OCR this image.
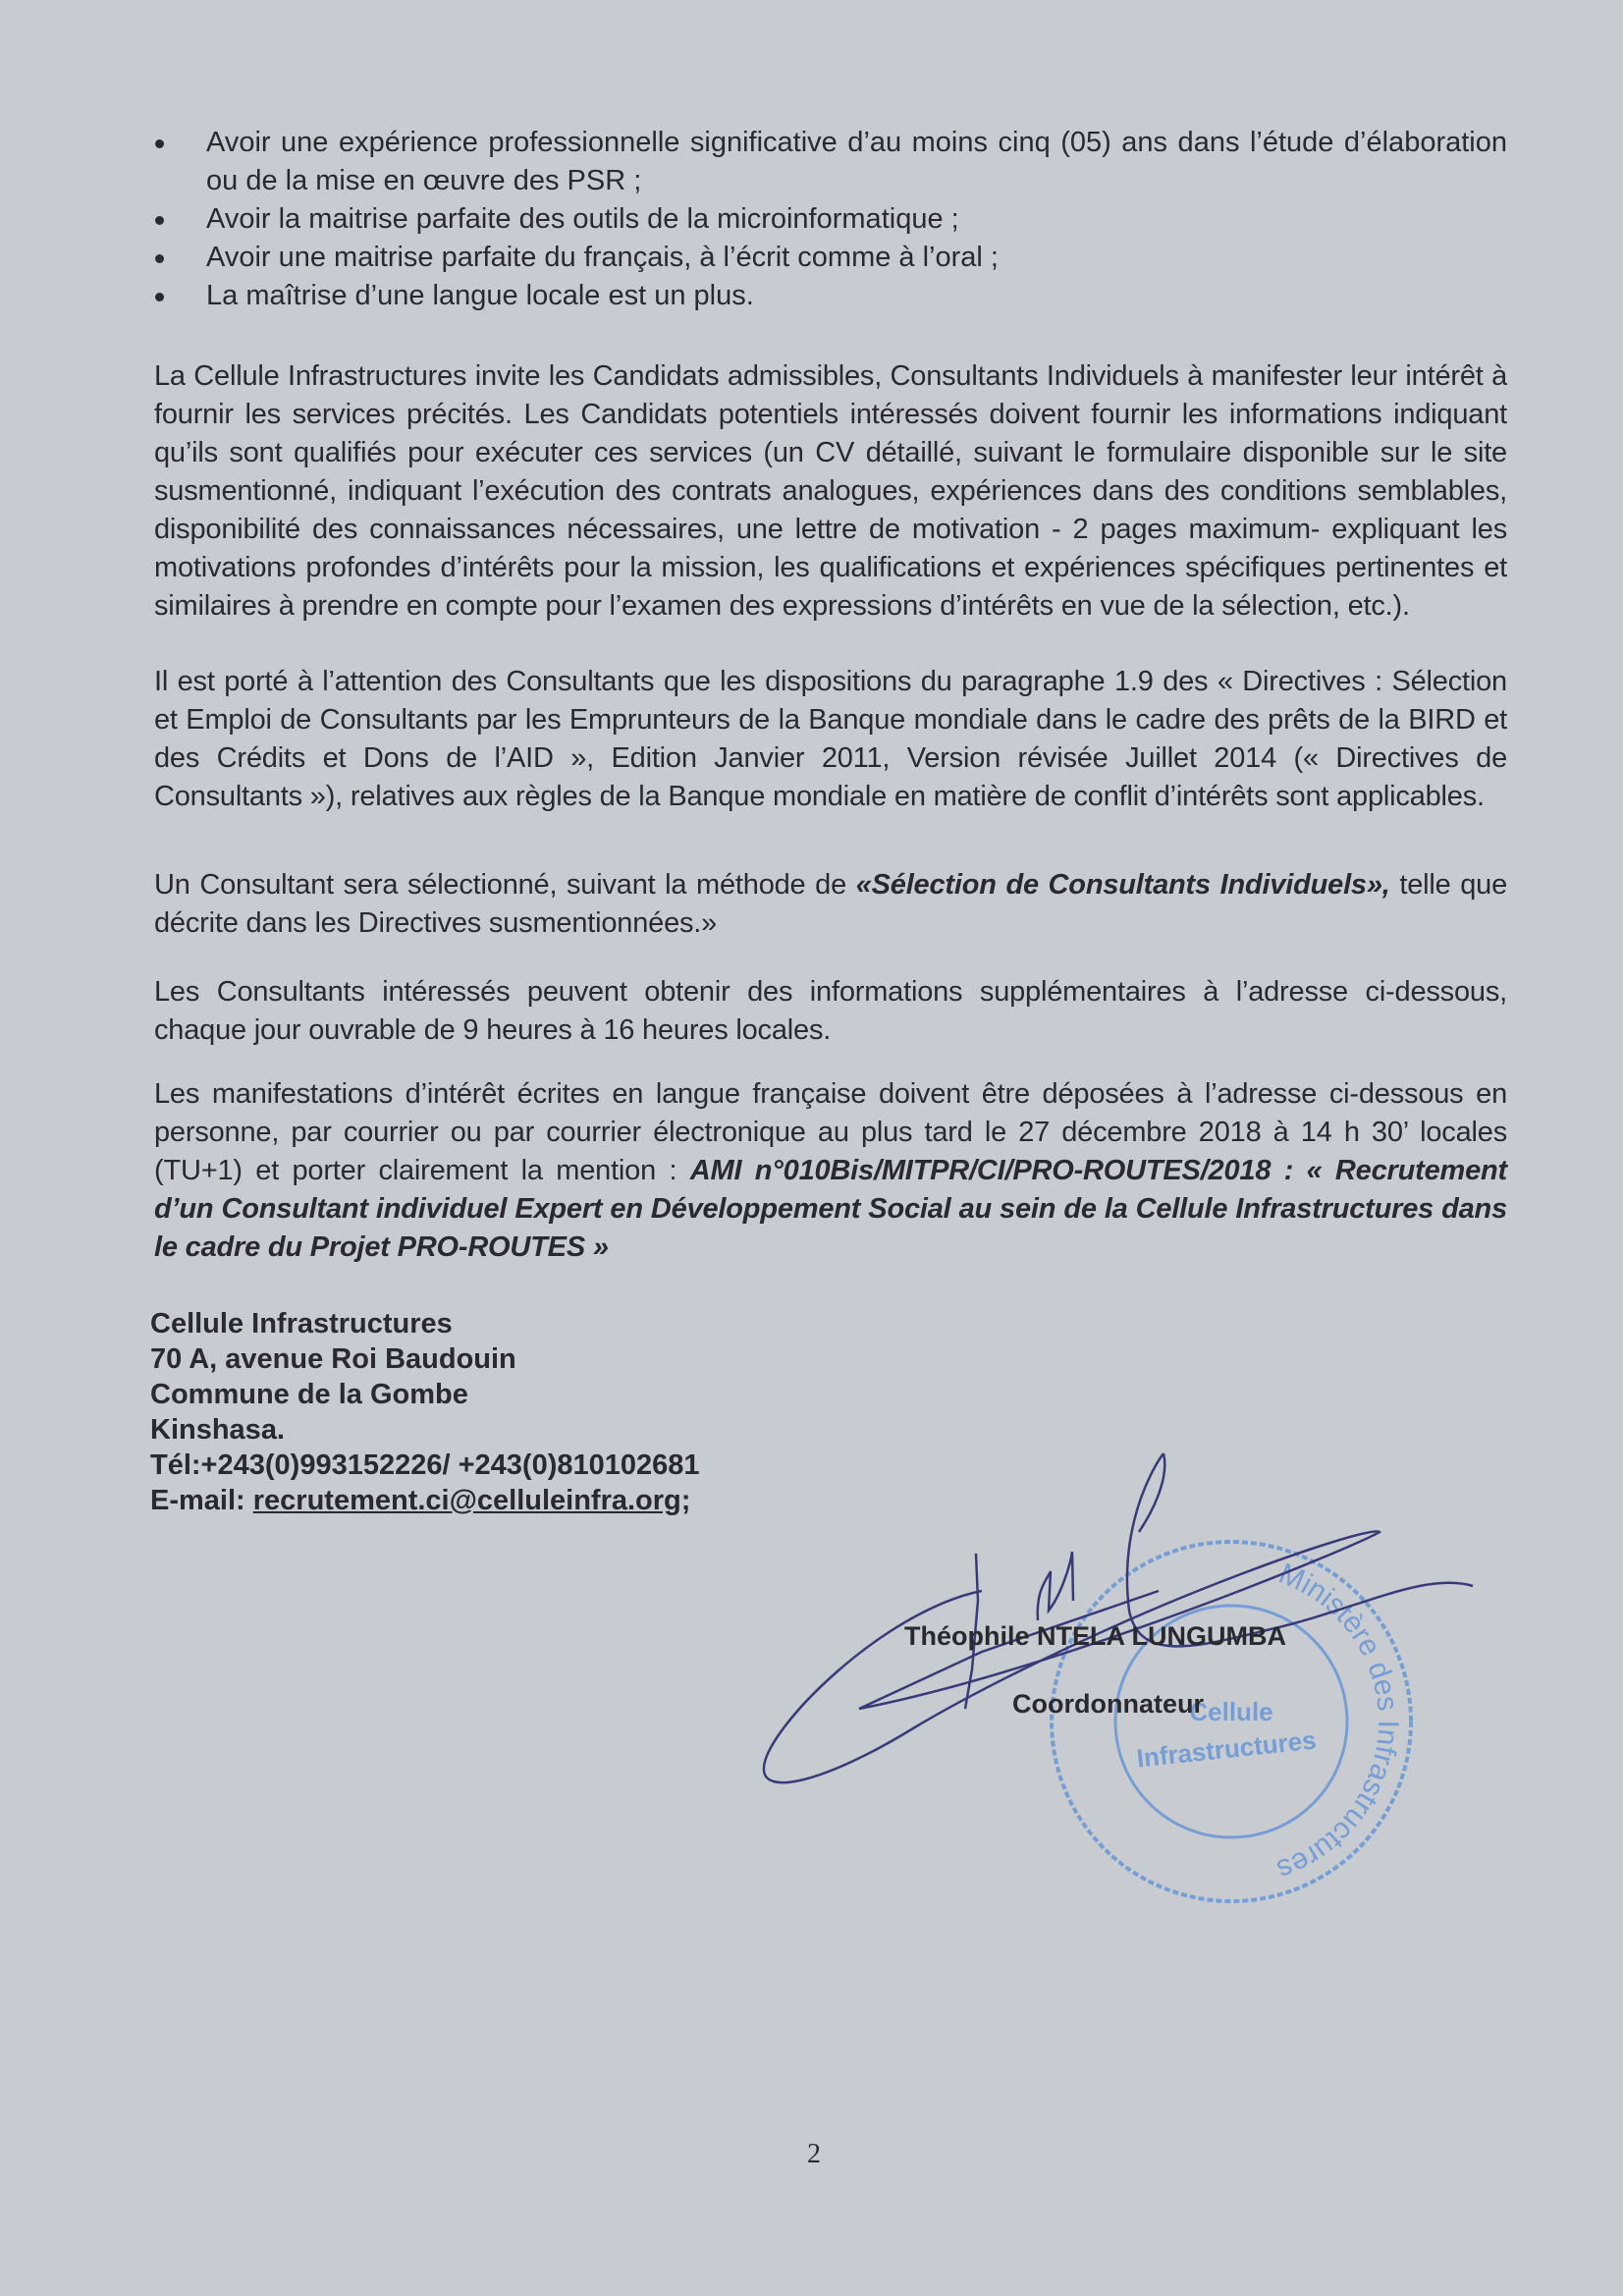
Avoir une expérience professionnelle significative d’au moins cinq (05) ans dans l’étude d’élaboration ou de la mise en œuvre des PSR ;
Avoir la maitrise parfaite des outils de la microinformatique ;
Avoir une maitrise parfaite du français, à l’écrit comme à l’oral ;
La maîtrise d’une langue locale est un plus.

La Cellule Infrastructures invite les Candidats admissibles, Consultants Individuels à manifester leur intérêt à fournir les services précités. Les Candidats potentiels intéressés doivent fournir les informations indiquant qu’ils sont qualifiés pour exécuter ces services (un CV détaillé, suivant le formulaire disponible sur le site susmentionné, indiquant l’exécution des contrats analogues, expériences dans des conditions semblables, disponibilité des connaissances nécessaires, une lettre de motivation - 2 pages maximum- expliquant les motivations profondes d’intérêts pour la mission, les qualifications et expériences spécifiques pertinentes et similaires à prendre en compte pour l’examen des expressions d’intérêts en vue de la sélection, etc.).

Il est porté à l’attention des Consultants que les dispositions du paragraphe 1.9 des « Directives : Sélection et Emploi de Consultants par les Emprunteurs de la Banque mondiale dans le cadre des prêts de la BIRD et des Crédits et Dons de l’AID », Edition Janvier 2011, Version révisée Juillet 2014 (« Directives de Consultants »), relatives aux règles de la Banque mondiale en matière de conflit d’intérêts sont applicables.

Un Consultant sera sélectionné, suivant la méthode de «Sélection de Consultants Individuels», telle que décrite dans les Directives susmentionnées.»

Les Consultants intéressés peuvent obtenir des informations supplémentaires à l’adresse ci-dessous, chaque jour ouvrable de 9 heures à 16 heures locales.

Les manifestations d’intérêt écrites en langue française doivent être déposées à l’adresse ci-dessous en personne, par courrier ou par courrier électronique au plus tard le 27 décembre 2018 à 14 h 30’ locales (TU+1) et porter clairement la mention : AMI n°010Bis/MITPR/CI/PRO-ROUTES/2018 : « Recrutement d’un Consultant individuel Expert en Développement Social au sein de la Cellule Infrastructures dans le cadre du Projet PRO-ROUTES »

Cellule Infrastructures
70 A, avenue Roi Baudouin
Commune de la Gombe
Kinshasa.
Tél:+243(0)993152226/ +243(0)810102681
E-mail: recrutement.ci@celluleinfra.org;
Ministère des Infrastructures
Cellule
Infrastructures
Théophile NTELA LUNGUMBA
Coordonnateur
2
